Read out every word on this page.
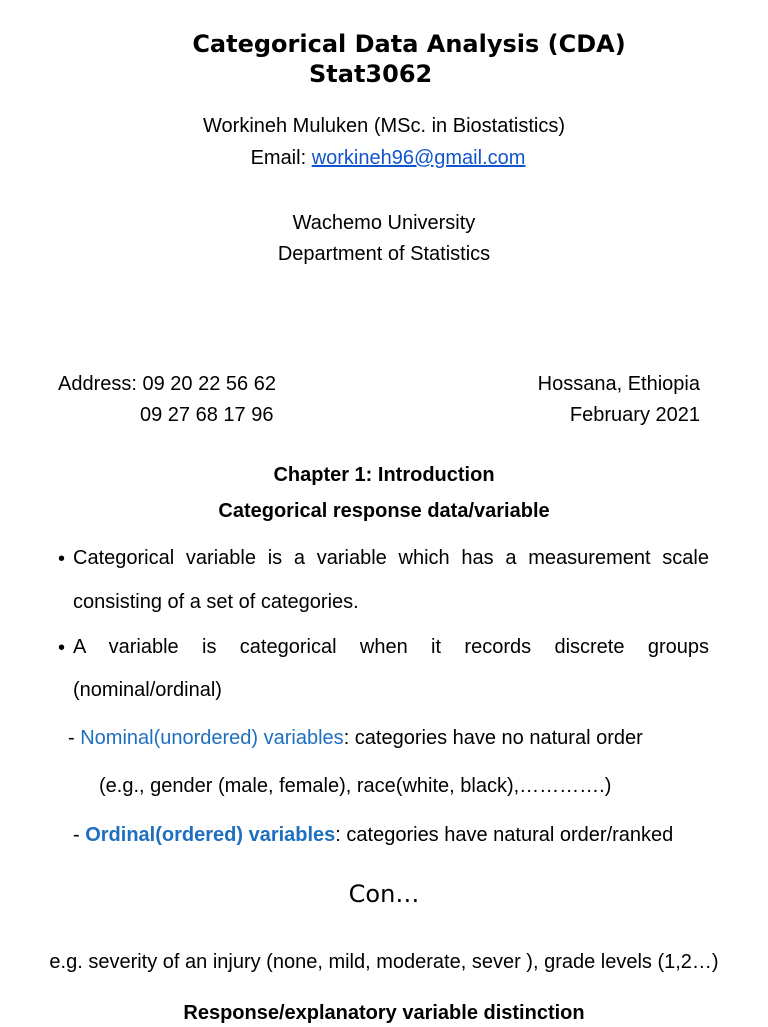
Categorical Data Analysis (CDA)
Stat3062
Workineh Muluken (MSc. in Biostatistics)
Email: workineh96@gmail.com
Wachemo University
Department of Statistics
Address: 09 20 22 56 62
09 27 68 17 96
Hossana, Ethiopia
February 2021
Chapter 1: Introduction
Categorical response data/variable
• Categorical variable is a variable which has a measurement scale
consisting of a set of categories.
• A variable is categorical when it records discrete groups
(nominal/ordinal)
- Nominal(unordered) variables: categories have no natural order
(e.g., gender (male, female), race(white, black),………….)
- Ordinal(ordered) variables: categories have natural order/ranked
Con…
e.g. severity of an injury (none, mild, moderate, sever ), grade levels (1,2…)
Response/explanatory variable distinction
